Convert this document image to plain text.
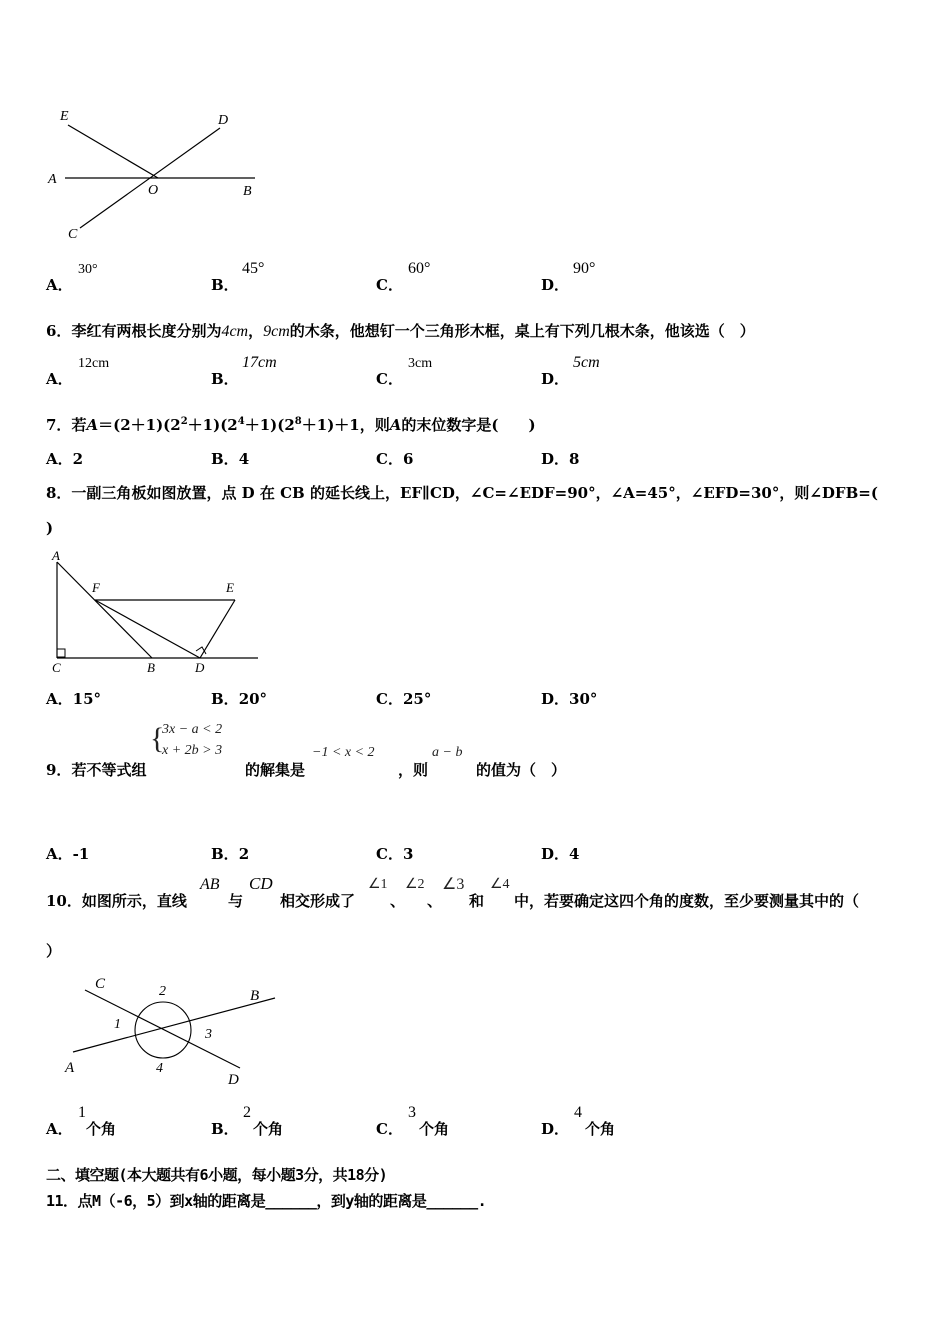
E	D
A
O	B
C
A．
30°
B．
45°
C．
60°
D．
90°
6．李红有两根长度分别为4cm，9cm的木条，他想钉一个三角形木框，桌上有下列几根木条，他该选（　）
A．
12cm
B．
17cm
C．
3cm
D．
5cm
7．若$A=(2+1)(2^2+1)(2^4+1)(2^8+1)+1$，则A的末位数字是(　　)
A．2	B．4	C．6	D．8
8．一副三角板如图放置，点 D 在 CB 的延长线上，EF∥CD，∠C=∠EDF=90°，∠A=45°，∠EFD=30°，则∠DFB=(
)
A
F	E
C	B	D
A．15°	B．20°	C．25°	D．30°
9．若不等式组
{
3x − a < 2
x + 2b > 3
的解集是
−1 < x < 2
，则
a − b
的值为（　）
A．-1	B．2	C．3	D．4
10．如图所示，直线
AB
与
CD
相交形成了
∠1
、
∠2
、
∠3
和
∠4
中，若要确定这四个角的度数，至少要测量其中的（
）
C
B
A
D
1
2
3
4
A．
1
个角	B．
2
个角	C．
3
个角	D．
4
个角
二、填空题(本大题共有6小题，每小题3分，共18分)
11．点M（-6，5）到x轴的距离是______，到y轴的距离是______.
